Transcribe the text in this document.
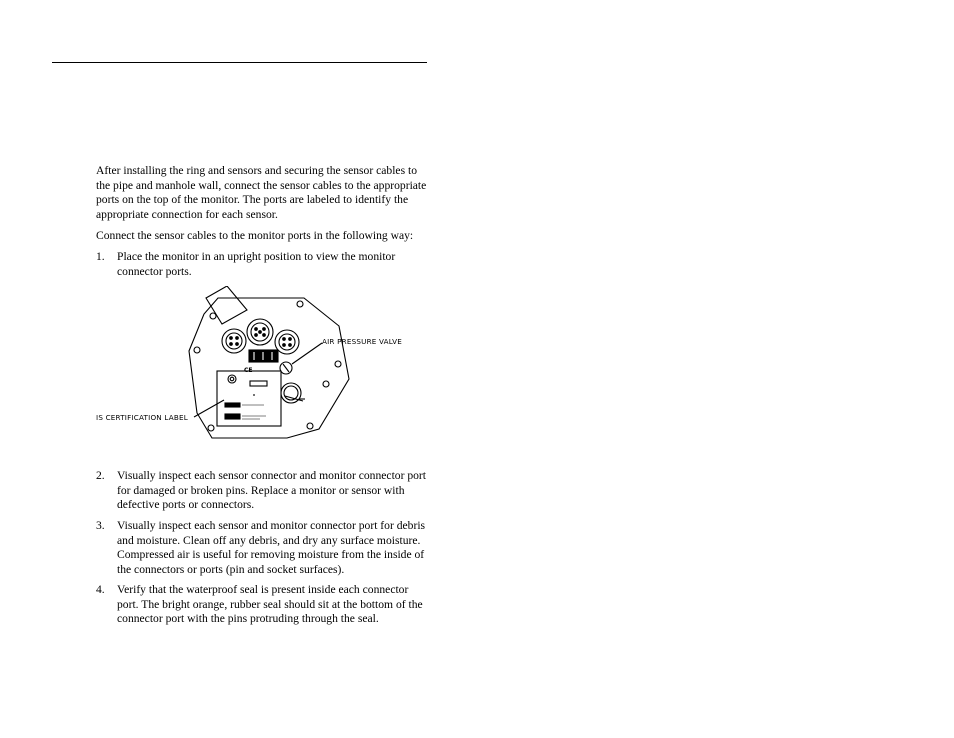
After installing the ring and sensors and securing the sensor cables to the pipe and manhole wall, connect the sensor cables to the appropriate ports on the top of the monitor. The ports are labeled to identify the appropriate connection for each sensor.

Connect the sensor cables to the monitor ports in the following way:

1. Place the monitor in an upright position to view the monitor connector ports.
CE
AIR PRESSURE VALVE
IS CERTIFICATION LABEL
2. Visually inspect each sensor connector and monitor connector port for damaged or broken pins. Replace a monitor or sensor with defective ports or connectors.
3. Visually inspect each sensor and monitor connector port for debris and moisture. Clean off any debris, and dry any surface moisture. Compressed air is useful for removing moisture from the inside of the connectors or ports (pin and socket surfaces).
4. Verify that the waterproof seal is present inside each connector port. The bright orange, rubber seal should sit at the bottom of the connector port with the pins protruding through the seal.
